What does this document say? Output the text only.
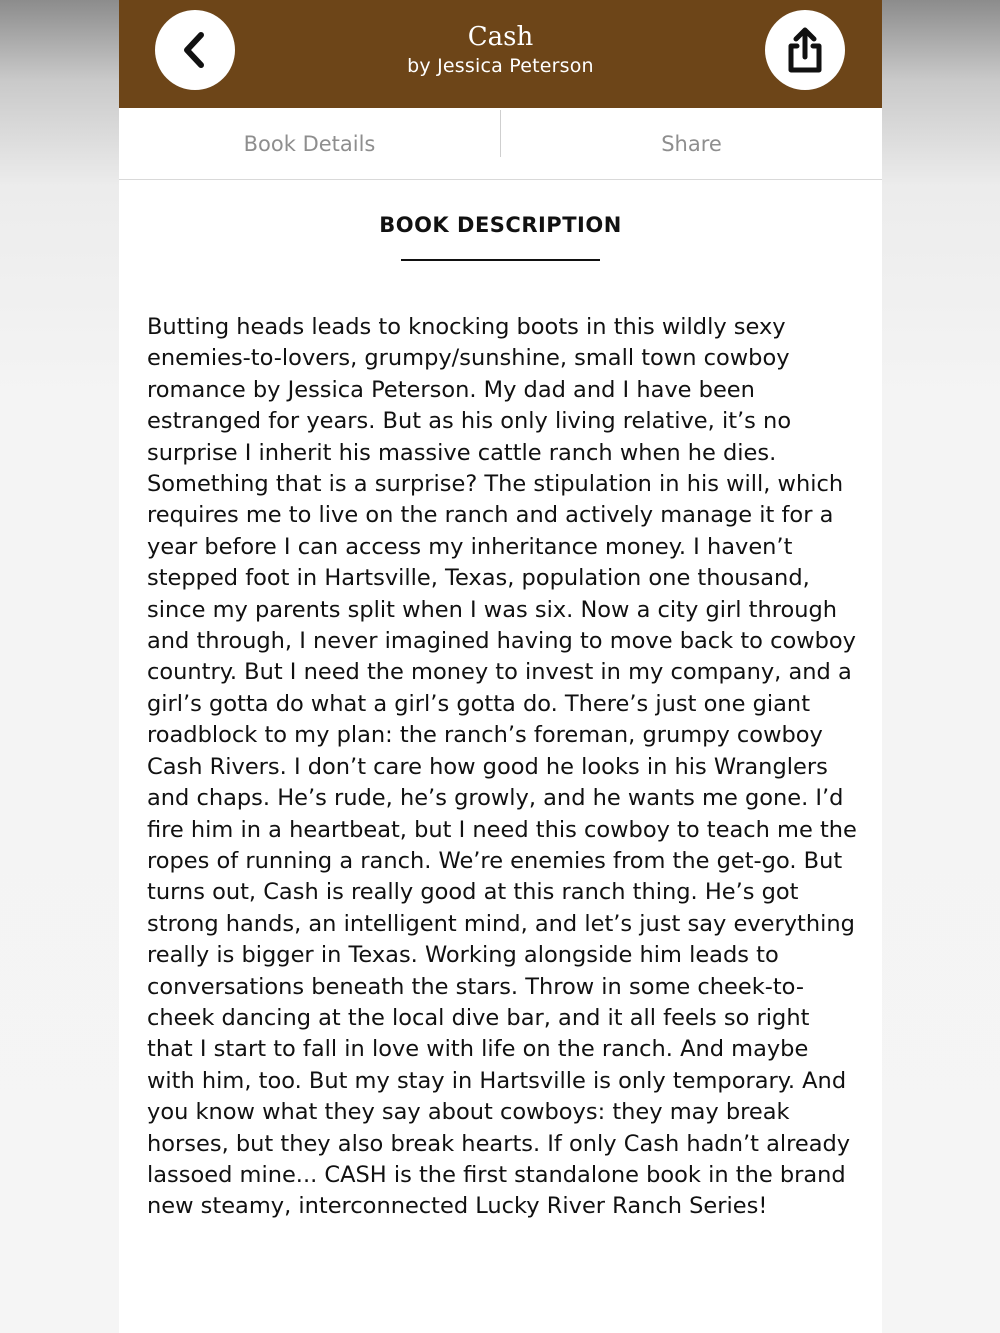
Cash
by Jessica Peterson
Book Details	Share
BOOK DESCRIPTION

Butting heads leads to knocking boots in this wildly sexy enemies-to-lovers, grumpy/sunshine, small town cowboy romance by Jessica Peterson. My dad and I have been estranged for years. But as his only living relative, it’s no surprise I inherit his massive cattle ranch when he dies. Something that is a surprise? The stipulation in his will, which requires me to live on the ranch and actively manage it for a year before I can access my inheritance money. I haven’t stepped foot in Hartsville, Texas, population one thousand, since my parents split when I was six. Now a city girl through and through, I never imagined having to move back to cowboy country. But I need the money to invest in my company, and a girl’s gotta do what a girl’s gotta do. There’s just one giant roadblock to my plan: the ranch’s foreman, grumpy cowboy Cash Rivers. I don’t care how good he looks in his Wranglers and chaps. He’s rude, he’s growly, and he wants me gone. I’d fire him in a heartbeat, but I need this cowboy to teach me the ropes of running a ranch. We’re enemies from the get-go. But turns out, Cash is really good at this ranch thing. He’s got strong hands, an intelligent mind, and let’s just say everything really is bigger in Texas. Working alongside him leads to conversations beneath the stars. Throw in some cheek-to-cheek dancing at the local dive bar, and it all feels so right that I start to fall in love with life on the ranch. And maybe with him, too. But my stay in Hartsville is only temporary. And you know what they say about cowboys: they may break horses, but they also break hearts. If only Cash hadn’t already lassoed mine... CASH is the first standalone book in the brand new steamy, interconnected Lucky River Ranch Series!
